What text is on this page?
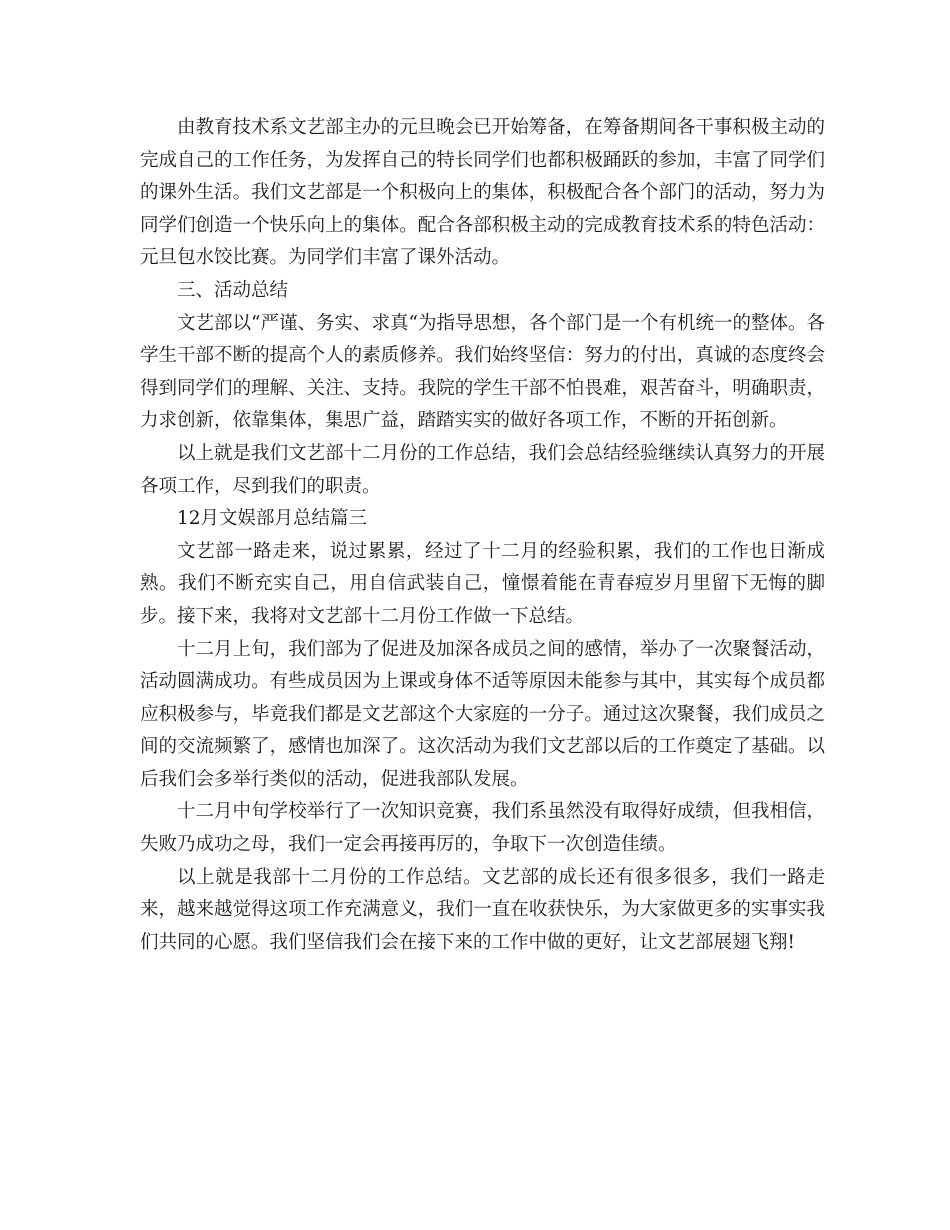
由教育技术系文艺部主办的元旦晚会已开始筹备，在筹备期间各干事积极主动的完成自己的工作任务，为发挥自己的特长同学们也都积极踊跃的参加，丰富了同学们的课外生活。我们文艺部是一个积极向上的集体，积极配合各个部门的活动，努力为同学们创造一个快乐向上的集体。配合各部积极主动的完成教育技术系的特色活动：元旦包水饺比赛。为同学们丰富了课外活动。

三、活动总结

文艺部以“严谨、务实、求真“为指导思想，各个部门是一个有机统一的整体。各学生干部不断的提高个人的素质修养。我们始终坚信：努力的付出，真诚的态度终会得到同学们的理解、关注、支持。我院的学生干部不怕畏难，艰苦奋斗，明确职责，力求创新，依靠集体，集思广益，踏踏实实的做好各项工作，不断的开拓创新。

以上就是我们文艺部十二月份的工作总结，我们会总结经验继续认真努力的开展各项工作，尽到我们的职责。

12月文娱部月总结篇三

文艺部一路走来，说过累累，经过了十二月的经验积累，我们的工作也日渐成熟。我们不断充实自己，用自信武装自己，憧憬着能在青春痘岁月里留下无悔的脚步。接下来，我将对文艺部十二月份工作做一下总结。

十二月上旬，我们部为了促进及加深各成员之间的感情，举办了一次聚餐活动，活动圆满成功。有些成员因为上课或身体不适等原因未能参与其中，其实每个成员都应积极参与，毕竟我们都是文艺部这个大家庭的一分子。通过这次聚餐，我们成员之间的交流频繁了，感情也加深了。这次活动为我们文艺部以后的工作奠定了基础。以后我们会多举行类似的活动，促进我部队发展。

十二月中旬学校举行了一次知识竞赛，我们系虽然没有取得好成绩，但我相信，失败乃成功之母，我们一定会再接再厉的，争取下一次创造佳绩。

以上就是我部十二月份的工作总结。文艺部的成长还有很多很多，我们一路走来，越来越觉得这项工作充满意义，我们一直在收获快乐，为大家做更多的实事实我们共同的心愿。我们坚信我们会在接下来的工作中做的更好，让文艺部展翅飞翔!
